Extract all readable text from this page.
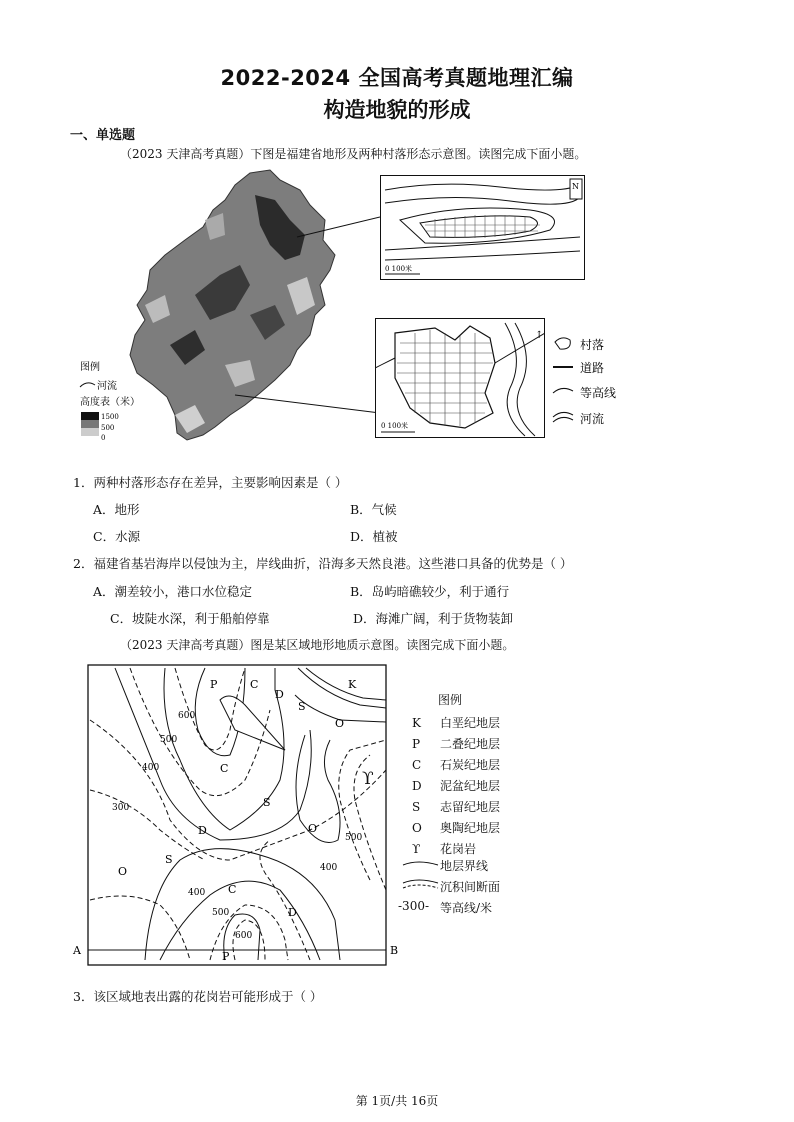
2022-2024 全国高考真题地理汇编
构造地貌的形成
一、单选题
（2023 天津高考真题）下图是福建省地形及两种村落形态示意图。读图完成下面小题。
图例
河流
高度表（米）
1500
500
0
N
0 100米
↑
0 100米
村落
道路
等高线
河流
1．两种村落形态存在差异，主要影响因素是（ ）
A．地形	B．气候
C．水源	D．植被
2．福建省基岩海岸以侵蚀为主，岸线曲折，沿海多天然良港。这些港口具备的优势是（ ）
A．潮差较小，港口水位稳定	B．岛屿暗礁较少，利于通行
C．坡陡水深，利于船舶停靠	D．海滩广阔，利于货物装卸
（2023 天津高考真题）图是某区域地形地质示意图。读图完成下面小题。
P	C
D
K
S
O
C
S
D	O
O
S
C
D
P
600
500
400
300
500
400
400
500
600
ϒ
A	B
图例
K 白垩纪地层
P 二叠纪地层
C 石炭纪地层
D 泥盆纪地层
S 志留纪地层
O 奥陶纪地层
ϒ 花岗岩
地层界线
沉积间断面
-300- 等高线/米
3．该区域地表出露的花岗岩可能形成于（ ）
第 1页/共 16页
